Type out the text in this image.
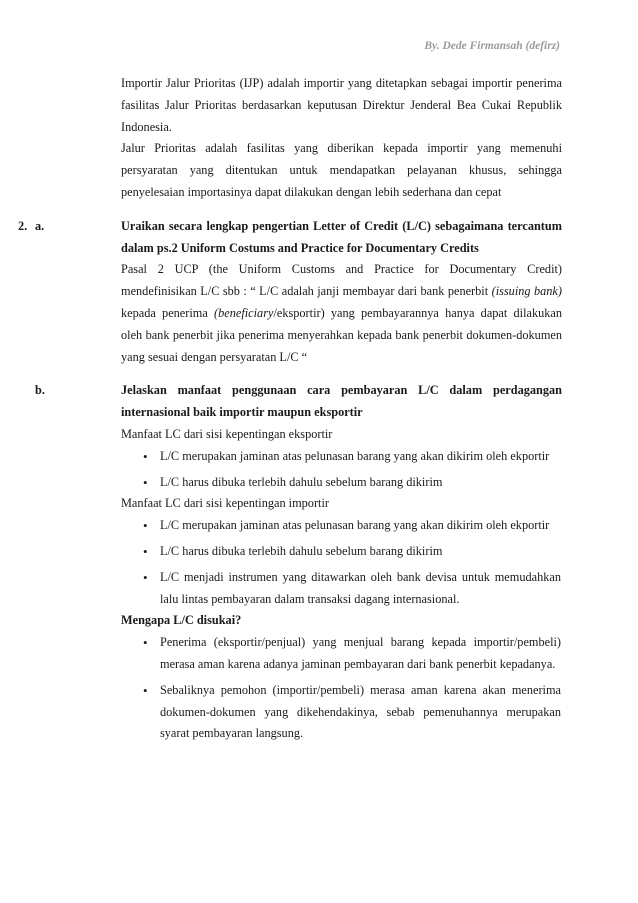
By. Dede Firmansah (defirz)
Importir Jalur Prioritas (IJP) adalah importir yang ditetapkan sebagai importir penerima fasilitas Jalur Prioritas berdasarkan keputusan Direktur Jenderal Bea Cukai Republik Indonesia.
Jalur Prioritas adalah fasilitas yang diberikan kepada importir yang memenuhi persyaratan yang ditentukan untuk mendapatkan pelayanan khusus, sehingga penyelesaian importasinya dapat dilakukan dengan lebih sederhana dan cepat
2. a.	Uraikan secara lengkap pengertian Letter of Credit (L/C) sebagaimana tercantum dalam ps.2 Uniform Costums and Practice for Documentary Credits
Pasal 2 UCP (the Uniform Customs and Practice for Documentary Credit) mendefinisikan L/C sbb : “ L/C adalah janji membayar dari bank penerbit (issuing bank) kepada penerima (beneficiary/eksportir) yang pembayarannya hanya dapat dilakukan oleh bank penerbit jika penerima menyerahkan kepada bank penerbit dokumen-dokumen yang sesuai dengan persyaratan L/C “
b.	Jelaskan manfaat penggunaan cara pembayaran L/C dalam perdagangan internasional baik importir maupun eksportir
Manfaat LC dari sisi kepentingan eksportir
• L/C merupakan jaminan atas pelunasan barang yang akan dikirim oleh ekportir
• L/C harus dibuka terlebih dahulu sebelum barang dikirim
Manfaat LC dari sisi kepentingan importir
• L/C merupakan jaminan atas pelunasan barang yang akan dikirim oleh ekportir
• L/C harus dibuka terlebih dahulu sebelum barang dikirim
• L/C menjadi instrumen yang ditawarkan oleh bank devisa untuk memudahkan lalu lintas pembayaran dalam transaksi dagang internasional.
Mengapa L/C disukai?
• Penerima (eksportir/penjual) yang menjual barang kepada importir/pembeli) merasa aman karena adanya jaminan pembayaran dari bank penerbit kepadanya.
• Sebaliknya pemohon (importir/pembeli) merasa aman karena akan menerima dokumen-dokumen yang dikehendakinya, sebab pemenuhannya merupakan syarat pembayaran langsung.
